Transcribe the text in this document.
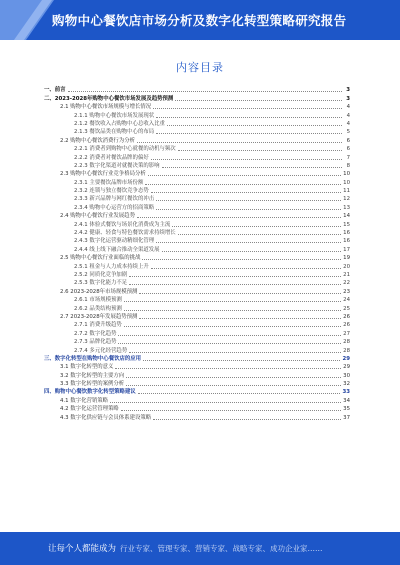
购物中心餐饮店市场分析及数字化转型策略研究报告
内容目录
一、前言	3
二、2023-2028年购物中心餐饮市场发展及趋势预测	3
2.1 购物中心餐饮市场规模与增长情况	4
2.1.1 购物中心餐饮市场发展现状	4
2.1.2 餐饮收入占购物中心总收入比重	4
2.1.3 餐饮品类在购物中心的布局	5
2.2 购物中心餐饮消费行为分析	6
2.2.1 消费者到购物中心就餐的动机与频次	6
2.2.2 消费者对餐饮品牌的偏好	7
2.2.3 数字化渠道对就餐决策的影响	8
2.3 购物中心餐饮行业竞争格局分析	10
2.3.1 主要餐饮品牌市场份额	10
2.3.2 连锁与独立餐饮竞争态势	11
2.3.3 新兴品牌与网红餐饮的冲击	12
2.3.4 购物中心运营方的招商策略	13
2.4 购物中心餐饮行业发展趋势	14
2.4.1 体验式餐饮与场景化消费成为主流	15
2.4.2 健康、轻食与特色餐饮需求持续增长	16
2.4.3 数字化运营驱动精细化管理	16
2.4.4 线上线下融合推动全渠道发展	17
2.5 购物中心餐饮行业面临的挑战	19
2.5.1 租金与人力成本持续上升	20
2.5.2 同质化竞争加剧	21
2.5.3 数字化能力不足	22
2.6 2023-2028年市场规模预测	23
2.6.1 市场规模预测	24
2.6.2 品类结构预测	25
2.7 2023-2028年发展趋势预测	26
2.7.1 消费升级趋势	26
2.7.2 数字化趋势	27
2.7.3 品牌化趋势	28
2.7.4 多元化经营趋势	28
三、数字化转型在购物中心餐饮店的应用	29
3.1 数字化转型的意义	29
3.2 数字化转型的主要方向	30
3.3 数字化转型的案例分析	32
四、购物中心餐饮数字化转型策略建议	33
4.1 数字化营销策略	34
4.2 数字化运营管理策略	35
4.3 数字化供应链与会员体系建设策略	37
让每个人都能成为 行业专家、管理专家、营销专家、战略专家、成功企业家……
